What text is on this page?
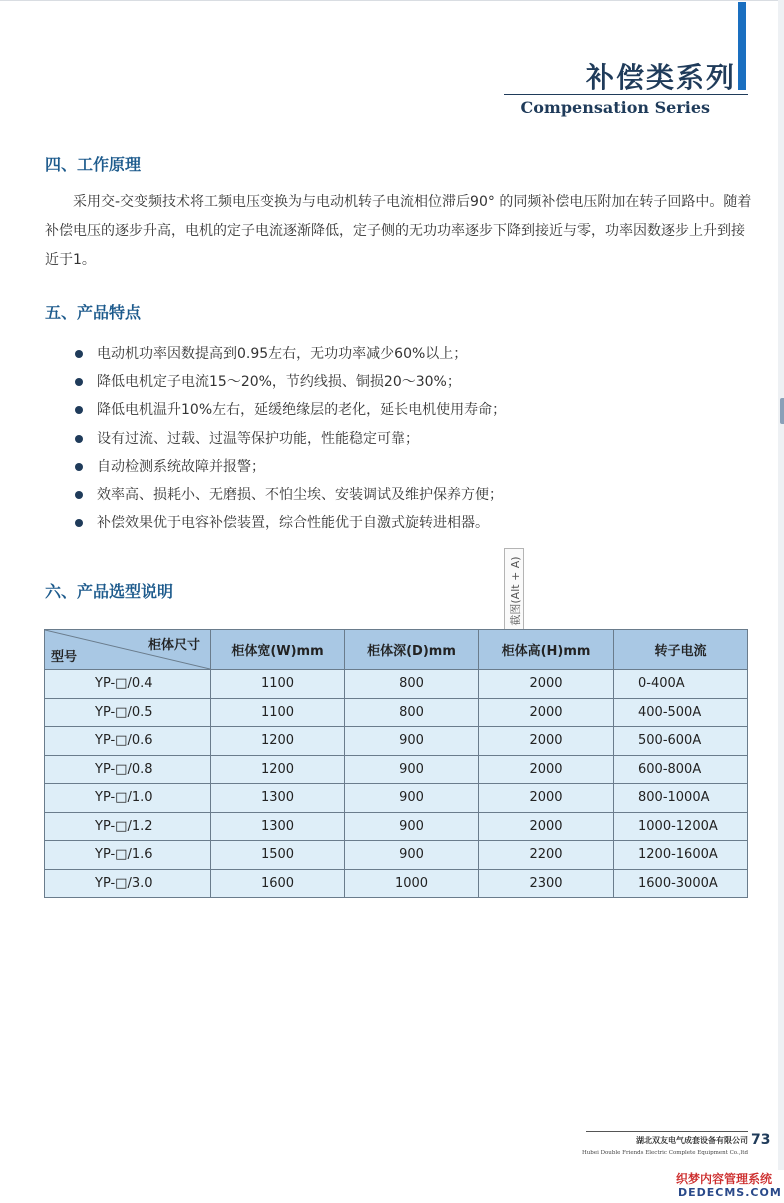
补偿类系列
Compensation Series
四、工作原理

采用交-交变频技术将工频电压变换为与电动机转子电流相位滞后90° 的同频补偿电压附加在转子回路中。随着补偿电压的逐步升高，电机的定子电流逐渐降低，定子侧的无功功率逐步下降到接近与零，功率因数逐步上升到接近于1。

五、产品特点
电动机功率因数提高到0.95左右，无功功率减少60%以上；
降低电机定子电流15～20%，节约线损、铜损20～30%；
降低电机温升10%左右，延缓绝缘层的老化，延长电机使用寿命；
设有过流、过载、过温等保护功能，性能稳定可靠；
自动检测系统故障并报警；
效率高、损耗小、无磨损、不怕尘埃、安装调试及维护保养方便；
补偿效果优于电容补偿装置，综合性能优于自激式旋转进相器。
六、产品选型说明	截图(Alt + A)
柜体尺寸
型号	柜体宽(W)mm	柜体深(D)mm	柜体高(H)mm	转子电流
YP-□/0.4	1100	800	2000	0-400A
YP-□/0.5	1100	800	2000	400-500A
YP-□/0.6	1200	900	2000	500-600A
YP-□/0.8	1200	900	2000	600-800A
YP-□/1.0	1300	900	2000	800-1000A
YP-□/1.2	1300	900	2000	1000-1200A
YP-□/1.6	1500	900	2200	1200-1600A
YP-□/3.0	1600	1000	2300	1600-3000A
湖北双友电气成套设备有限公司
Hubei Double Friends Electric Complete Equipment Co.,ltd
73
织梦内容管理系统
DEDECMS.COM
